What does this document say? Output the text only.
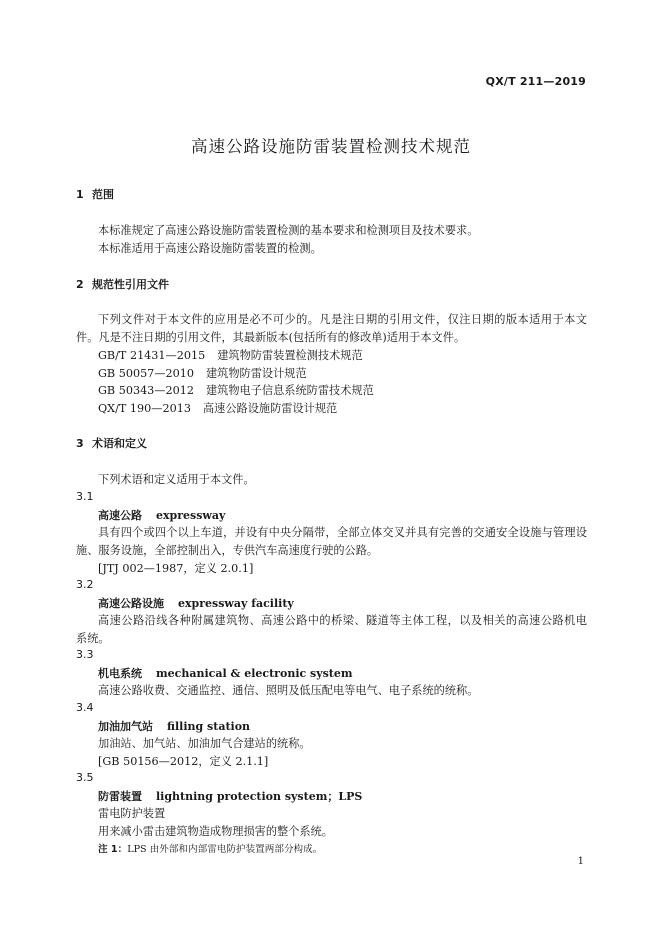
QX/T 211—2019
高速公路设施防雷装置检测技术规范
1 范围
本标准规定了高速公路设施防雷装置检测的基本要求和检测项目及技术要求。
本标准适用于高速公路设施防雷装置的检测。
2 规范性引用文件
下列文件对于本文件的应用是必不可少的。凡是注日期的引用文件，仅注日期的版本适用于本文
件。凡是不注日期的引用文件，其最新版本(包括所有的修改单)适用于本文件。
GB/T 21431—2015 建筑物防雷装置检测技术规范
GB 50057—2010 建筑物防雷设计规范
GB 50343—2012 建筑物电子信息系统防雷技术规范
QX/T 190—2013 高速公路设施防雷设计规范
3 术语和定义
下列术语和定义适用于本文件。
3.1
高速公路 expressway
具有四个或四个以上车道，并设有中央分隔带，全部立体交叉并具有完善的交通安全设施与管理设
施、服务设施，全部控制出入，专供汽车高速度行驶的公路。
[JTJ 002—1987，定义 2.0.1]
3.2
高速公路设施 expressway facility
高速公路沿线各种附属建筑物、高速公路中的桥梁、隧道等主体工程，以及相关的高速公路机电
系统。
3.3
机电系统 mechanical & electronic system
高速公路收费、交通监控、通信、照明及低压配电等电气、电子系统的统称。
3.4
加油加气站 filling station
加油站、加气站、加油加气合建站的统称。
[GB 50156—2012，定义 2.1.1]
3.5
防雷装置 lightning protection system；LPS
雷电防护装置
用来减小雷击建筑物造成物理损害的整个系统。
注 1：LPS 由外部和内部雷电防护装置两部分构成。
1
